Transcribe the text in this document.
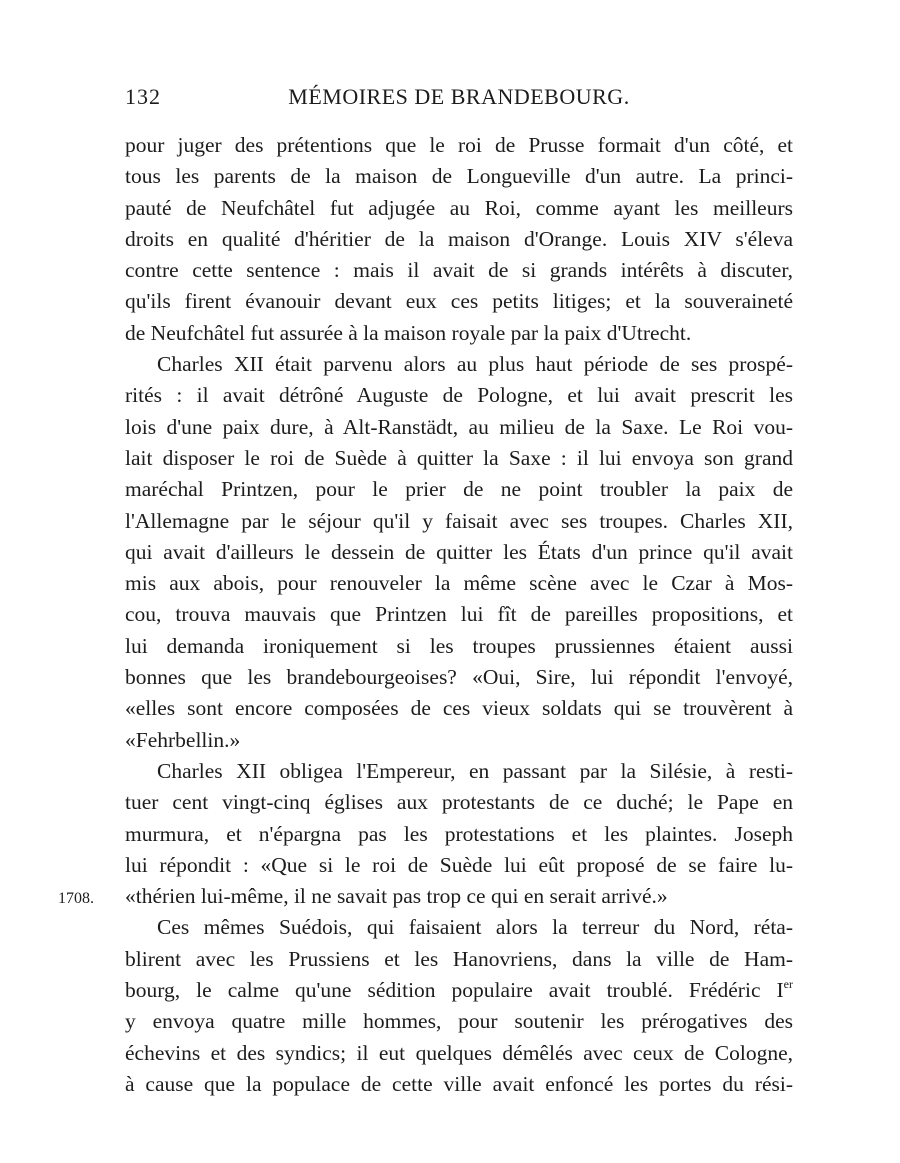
132	MÉMOIRES DE BRANDEBOURG.
1708.
pour juger des prétentions que le roi de Prusse formait d'un côté, et
tous les parents de la maison de Longueville d'un autre. La princi-
pauté de Neufchâtel fut adjugée au Roi, comme ayant les meilleurs
droits en qualité d'héritier de la maison d'Orange. Louis XIV s'éleva
contre cette sentence : mais il avait de si grands intérêts à discuter,
qu'ils firent évanouir devant eux ces petits litiges; et la souveraineté
de Neufchâtel fut assurée à la maison royale par la paix d'Utrecht.
Charles XII était parvenu alors au plus haut période de ses prospé-
rités : il avait détrôné Auguste de Pologne, et lui avait prescrit les
lois d'une paix dure, à Alt-Ranstädt, au milieu de la Saxe. Le Roi vou-
lait disposer le roi de Suède à quitter la Saxe : il lui envoya son grand
maréchal Printzen, pour le prier de ne point troubler la paix de
l'Allemagne par le séjour qu'il y faisait avec ses troupes. Charles XII,
qui avait d'ailleurs le dessein de quitter les États d'un prince qu'il avait
mis aux abois, pour renouveler la même scène avec le Czar à Mos-
cou, trouva mauvais que Printzen lui fît de pareilles propositions, et
lui demanda ironiquement si les troupes prussiennes étaient aussi
bonnes que les brandebourgeoises? «Oui, Sire, lui répondit l'envoyé,
«elles sont encore composées de ces vieux soldats qui se trouvèrent à
«Fehrbellin.»
Charles XII obligea l'Empereur, en passant par la Silésie, à resti-
tuer cent vingt-cinq églises aux protestants de ce duché; le Pape en
murmura, et n'épargna pas les protestations et les plaintes. Joseph
lui répondit : «Que si le roi de Suède lui eût proposé de se faire lu-
«thérien lui-même, il ne savait pas trop ce qui en serait arrivé.»
Ces mêmes Suédois, qui faisaient alors la terreur du Nord, réta-
blirent avec les Prussiens et les Hanovriens, dans la ville de Ham-
bourg, le calme qu'une sédition populaire avait troublé. Frédéric Ier
y envoya quatre mille hommes, pour soutenir les prérogatives des
échevins et des syndics; il eut quelques démêlés avec ceux de Cologne,
à cause que la populace de cette ville avait enfoncé les portes du rési-
